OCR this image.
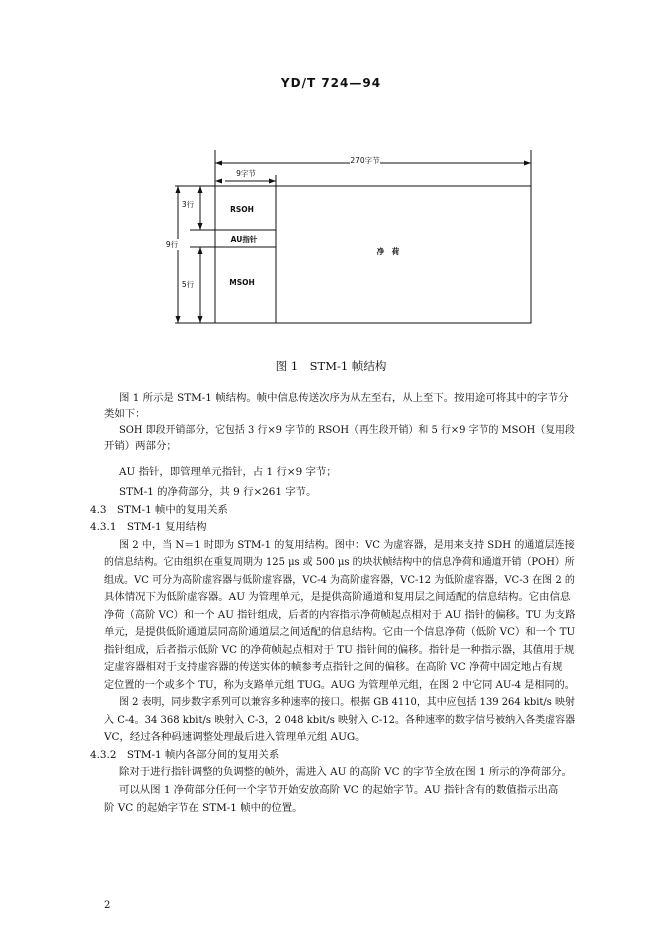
YD/T 724—94
270字节
9字节
3行
9行
5行
RSOH
AU指针
MSOH
净　荷
图 1　STM-1 帧结构
图 1 所示是 STM-1 帧结构。帧中信息传送次序为从左至右，从上至下。按用途可将其中的字节分
类如下：
SOH 即段开销部分，它包括 3 行×9 字节的 RSOH（再生段开销）和 5 行×9 字节的 MSOH（复用段
开销）两部分；
AU 指针，即管理单元指针，占 1 行×9 字节；
STM-1 的净荷部分，共 9 行×261 字节。
4.3　STM-1 帧中的复用关系
4.3.1　STM-1 复用结构
图 2 中，当 N＝1 时即为 STM-1 的复用结构。图中：VC 为虚容器，是用来支持 SDH 的通道层连接
的信息结构。它由组织在重复周期为 125 μs 或 500 μs 的块状帧结构中的信息净荷和通道开销（POH）所
组成。VC 可分为高阶虚容器与低阶虚容器，VC-4 为高阶虚容器，VC-12 为低阶虚容器，VC-3 在图 2 的
具体情况下为低阶虚容器。AU 为管理单元，是提供高阶通道和复用层之间适配的信息结构。它由信息
净荷（高阶 VC）和一个 AU 指针组成，后者的内容指示净荷帧起点相对于 AU 指针的偏移。TU 为支路
单元，是提供低阶通道层同高阶通道层之间适配的信息结构。它由一个信息净荷（低阶 VC）和一个 TU
指针组成，后者指示低阶 VC 的净荷帧起点相对于 TU 指针间的偏移。指针是一种指示器，其值用于规
定虚容器相对于支持虚容器的传送实体的帧参考点指针之间的偏移。在高阶 VC 净荷中固定地占有规
定位置的一个或多个 TU，称为支路单元组 TUG。AUG 为管理单元组，在图 2 中它同 AU-4 是相同的。
图 2 表明，同步数字系列可以兼容多种速率的接口。根据 GB 4110，其中应包括 139 264 kbit/s 映射
入 C-4。34 368 kbit/s 映射入 C-3，2 048 kbit/s 映射入 C-12。各种速率的数字信号被纳入各类虚容器
VC，经过各种码速调整处理最后进入管理单元组 AUG。
4.3.2　STM-1 帧内各部分间的复用关系
除对于进行指针调整的负调整的帧外，需进入 AU 的高阶 VC 的字节全放在图 1 所示的净荷部分。
可以从图 1 净荷部分任何一个字节开始安放高阶 VC 的起始字节。AU 指针含有的数值指示出高
阶 VC 的起始字节在 STM-1 帧中的位置。
2
